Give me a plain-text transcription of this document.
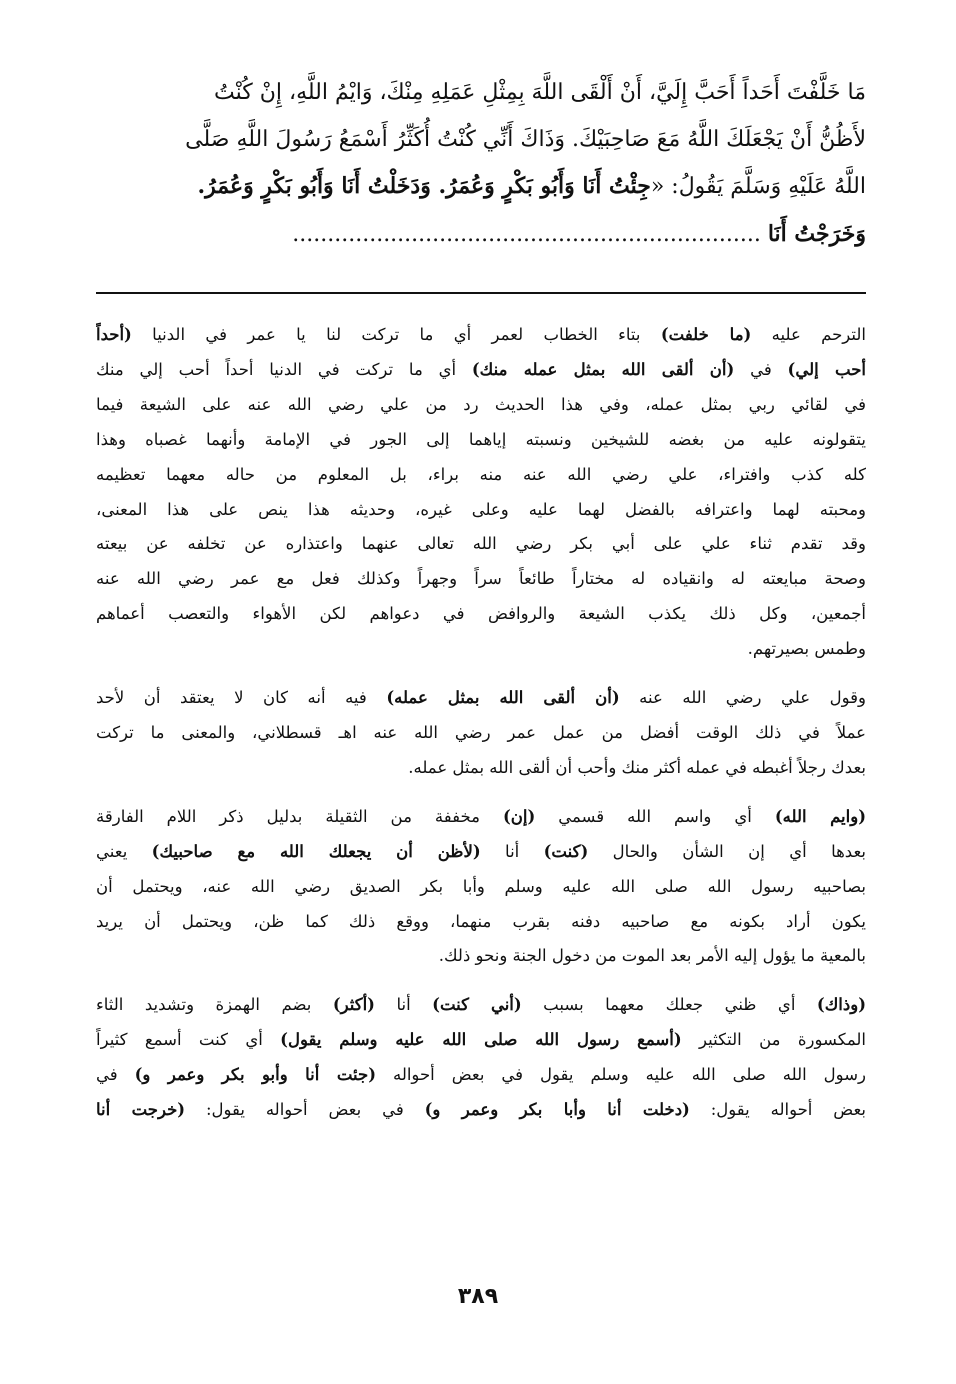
مَا خَلَّفْتَ أَحَداً أَحَبَّ إِلَيَّ، أَنْ أَلْقَى اللَّهَ بِمِثْلِ عَمَلِهِ مِنْكَ، وَايْمُ اللَّهِ، إِنْ كُنْتُ
لأَظُنُّ أَنْ يَجْعَلَكَ اللَّهُ مَعَ صَاحِبَيْكَ. وَذَاكَ أَنِّي كُنْتُ أُكَثِّرُ أَسْمَعُ رَسُولَ اللَّهِ صَلَّى
اللَّهُ عَلَيْهِ وَسَلَّمَ يَقُولُ: «جِئْتُ أَنَا وَأَبُو بَكْرٍ وَعُمَرُ. وَدَخَلْتُ أَنَا وَأَبُو بَكْرٍ وَعُمَرُ.
وَخَرَجْتُ أَنَا ...................................................................

الترحم عليه (ما خلفت) بتاء الخطاب لعمر أي ما تركت لنا يا عمر في الدنيا (أحداً
أحب إلي) في (أن ألقى الله بمثل عمله منك) أي ما تركت في الدنيا أحداً أحب إلي منك
في لقائي ربي بمثل عمله، وفي هذا الحديث رد من علي رضي الله عنه على الشيعة فيما
يتقولونه عليه من بغضه للشيخين ونسبته إياهما إلى الجور في الإمامة وأنهما غصباه وهذا
كله كذب وافتراء، علي رضي الله عنه منه براء، بل المعلوم من حاله معهما تعظيمه
ومحبته لهما واعترافه بالفضل لهما عليه وعلى غيره، وحديثه هذا ينص على هذا المعنى،
وقد تقدم ثناء علي على أبي بكر رضي الله تعالى عنهما واعتذاره عن تخلفه عن بيعته
وصحة مبايعته له وانقياده له مختاراً طائعاً سراً وجهراً وكذلك فعل مع عمر رضي الله عنه
أجمعين، وكل ذلك يكذب الشيعة والروافض في دعواهم لكن الأهواء والتعصب أعماهم
وطمس بصيرتهم.

وقول علي رضي الله عنه (أن ألقى الله بمثل عمله) فيه أنه كان لا يعتقد أن لأحد
عملاً في ذلك الوقت أفضل من عمل عمر رضي الله عنه اهـ قسطلاني، والمعنى ما تركت
بعدك رجلاً أغبطه في عمله أكثر منك وأحب أن ألقى الله بمثل عمله.

(وايم الله) أي واسم الله قسمي (إن) مخففة من الثقيلة بدليل ذكر اللام الفارقة
بعدها أي إن الشأن والحال (كنت) أنا (لأظن أن يجعلك الله مع صاحبيك) يعني
بصاحبيه رسول الله صلى الله عليه وسلم وأبا بكر الصديق رضي الله عنه، ويحتمل أن
يكون أراد بكونه مع صاحبيه دفنه بقرب منهما، ووقع ذلك كما ظن، ويحتمل أن يريد
بالمعية ما يؤول إليه الأمر بعد الموت من دخول الجنة ونحو ذلك.

(وذاك) أي ظني جعلك معهما بسبب (أني كنت) أنا (أكثر) بضم الهمزة وتشديد الثاء
المكسورة من التكثير (أسمع رسول الله صلى الله عليه وسلم يقول) أي كنت أسمع كثيراً
رسول الله صلى الله عليه وسلم يقول في بعض أحواله (جئت أنا وأبو بكر وعمر و) في
بعض أحواله يقول: (دخلت أنا وأبا بكر وعمر و) في بعض أحواله يقول: (خرجت أنا

٣٨٩
